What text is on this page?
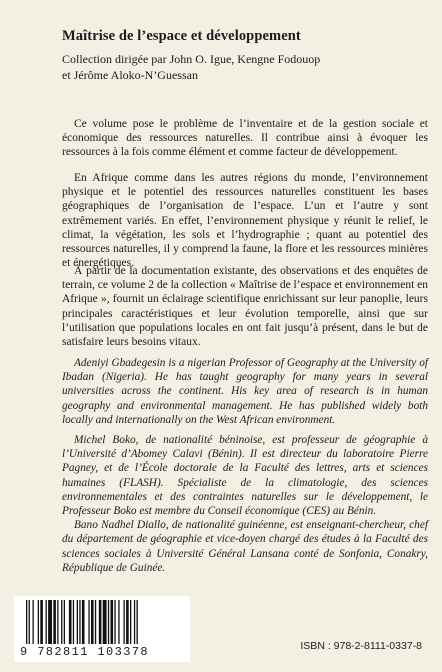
Maîtrise de l’espace et développement
Collection dirigée par John O. Igue, Kengne Fodouop
et Jérôme Aloko-N’Guessan

Ce volume pose le problème de l’inventaire et de la gestion sociale et économique des ressources naturelles. Il contribue ainsi à évoquer les ressources à la fois comme élément et comme facteur de développement.

En Afrique comme dans les autres régions du monde, l’environnement physique et le potentiel des ressources naturelles constituent les bases géographiques de l’organisation de l’espace. L’un et l’autre y sont extrêmement variés. En effet, l’environnement physique y réunit le relief, le climat, la végétation, les sols et l’hydrographie ; quant au potentiel des ressources naturelles, il y comprend la faune, la flore et les ressources minières et énergétiques.

À partir de la documentation existante, des observations et des enquêtes de terrain, ce volume 2 de la collection « Maîtrise de l’espace et environnement en Afrique », fournit un éclairage scientifique enrichissant sur leur panoplie, leurs principales caractéristiques et leur évolution temporelle, ainsi que sur l’utilisation que populations locales en ont fait jusqu’à présent, dans le but de satisfaire leurs besoins vitaux.

Adeniyi Gbadegesin is a nigerian Professor of Geography at the University of Ibadan (Nigeria). He has taught geography for many years in several universities across the continent. His key area of research is in human geography and environmental management. He has published widely both locally and internationally on the West African environment.

Michel Boko, de nationalité béninoise, est professeur de géographie à l’Université d’Abomey Calavi (Bénin). Il est directeur du laboratoire Pierre Pagney, et de l’École doctorale de la Faculté des lettres, arts et sciences humaines (FLASH). Spécialiste de la climatologie, des sciences environnementales et des contraintes naturelles sur le développement, le Professeur Boko est membre du Conseil économique (CES) au Bénin.

Bano Nadhel Diallo, de nationalité guinéenne, est enseignant-chercheur, chef du département de géographie et vice-doyen chargé des études à la Faculté des sciences sociales à Université Général Lansana conté de Sonfonia, Conakry, République de Guinée.

9 782811 103378	ISBN : 978-2-8111-0337-8
